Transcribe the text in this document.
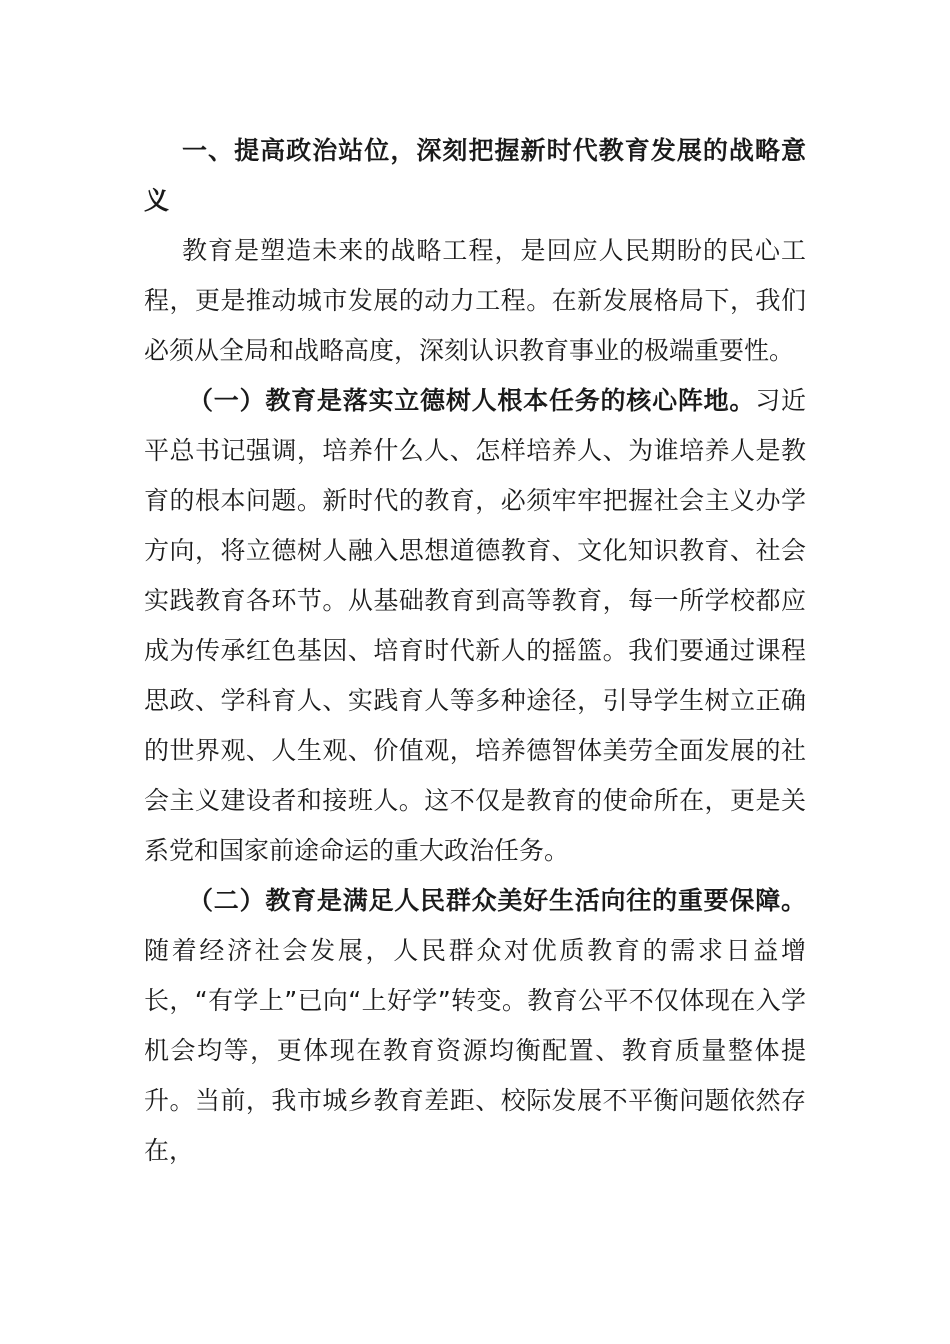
一、提高政治站位，深刻把握新时代教育发展的战略意义

教育是塑造未来的战略工程，是回应人民期盼的民心工程，更是推动城市发展的动力工程。在新发展格局下，我们必须从全局和战略高度，深刻认识教育事业的极端重要性。

（一）教育是落实立德树人根本任务的核心阵地。习近平总书记强调，培养什么人、怎样培养人、为谁培养人是教育的根本问题。新时代的教育，必须牢牢把握社会主义办学方向，将立德树人融入思想道德教育、文化知识教育、社会实践教育各环节。从基础教育到高等教育，每一所学校都应成为传承红色基因、培育时代新人的摇篮。我们要通过课程思政、学科育人、实践育人等多种途径，引导学生树立正确的世界观、人生观、价值观，培养德智体美劳全面发展的社会主义建设者和接班人。这不仅是教育的使命所在，更是关系党和国家前途命运的重大政治任务。

（二）教育是满足人民群众美好生活向往的重要保障。随着经济社会发展，人民群众对优质教育的需求日益增长，“有学上”已向“上好学”转变。教育公平不仅体现在入学机会均等，更体现在教育资源均衡配置、教育质量整体提升。当前，我市城乡教育差距、校际发展不平衡问题依然存在，
